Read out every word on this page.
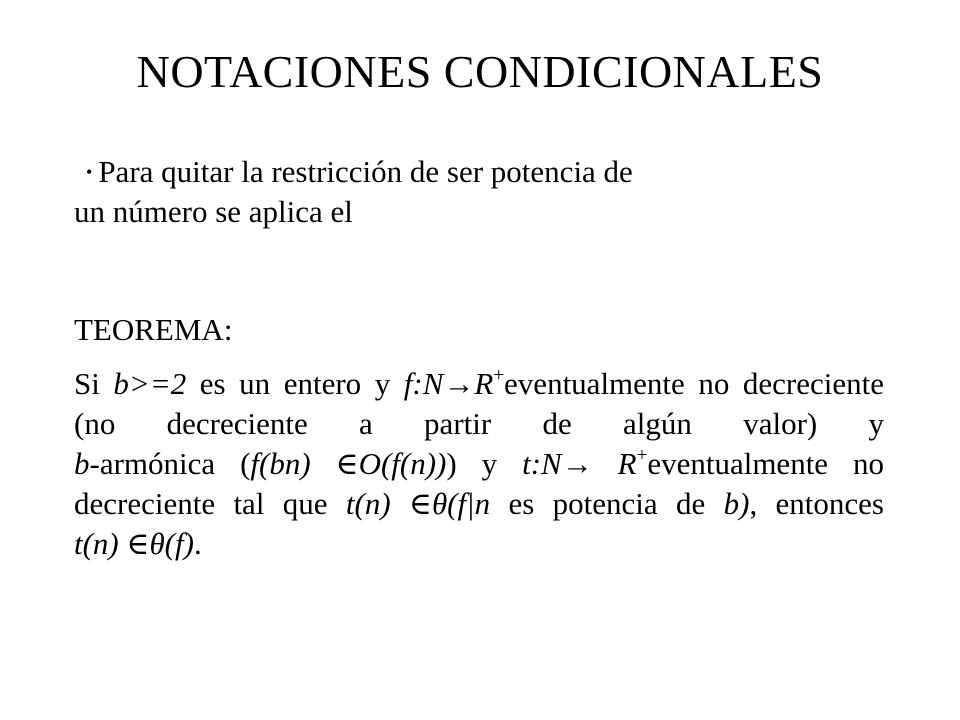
NOTACIONES CONDICIONALES

• Para quitar la restricción de ser potencia de
un número se aplica el

TEOREMA:

Si b>=2 es un entero y f:N→R+eventualmente no decreciente (no decreciente a partir de algún valor) y b-armónica (f(bn) ∈O(f(n))) y t:N→ R+eventualmente no decreciente tal que t(n) ∈θ(f|n es potencia de b), entonces t(n) ∈θ(f).
